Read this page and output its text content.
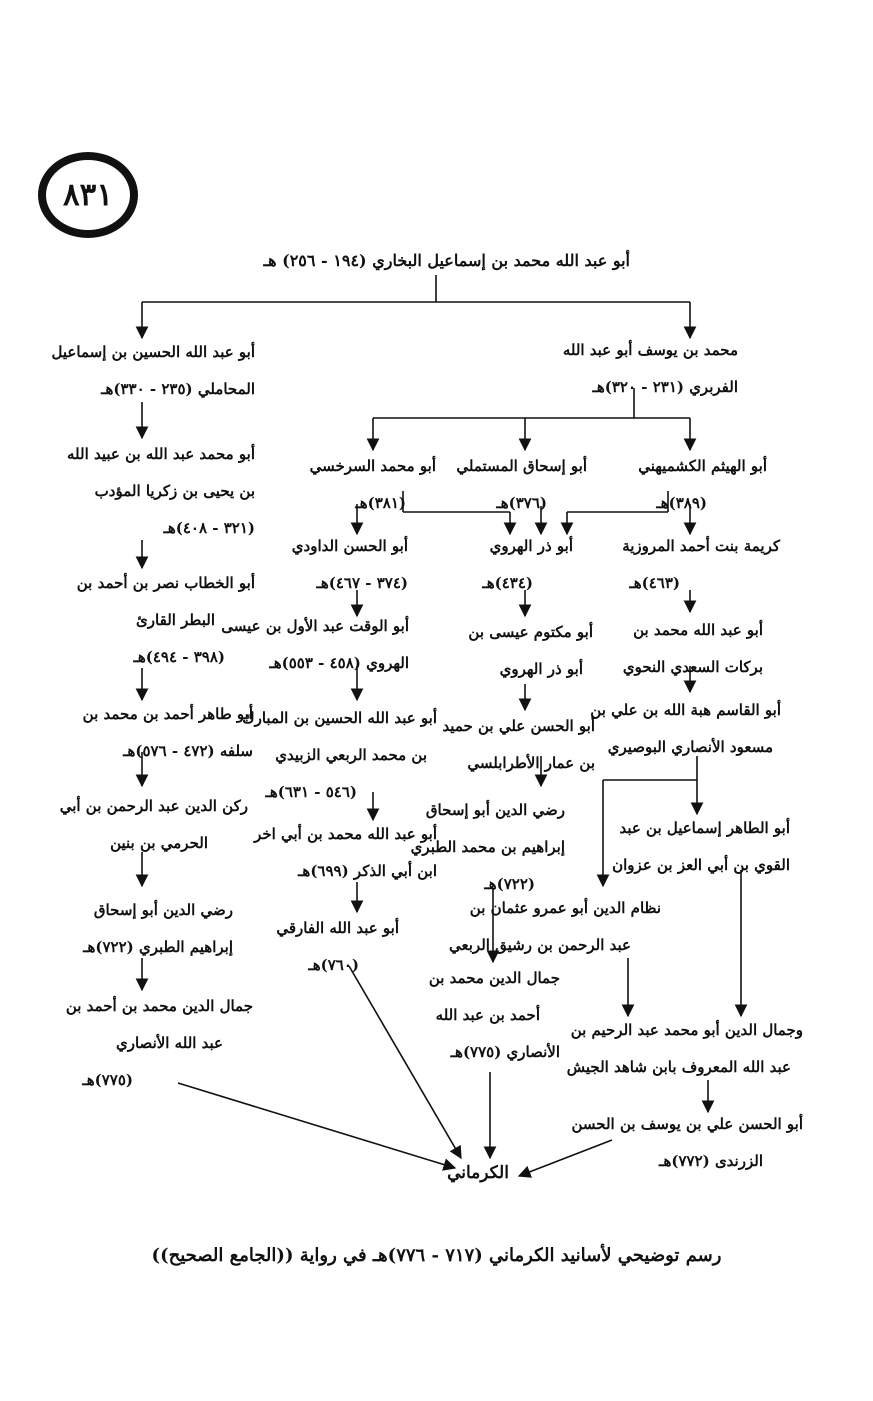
٨٣١
أبو عبد الله محمد بن إسماعيل البخاري (١٩٤ - ٢٥٦) هـ
محمد بن يوسف أبو عبد الله
الفربري (٢٣١ - ٣٢٠)هـ
أبو عبد الله الحسين بن إسماعيل
المحاملي (٢٣٥ - ٣٣٠)هـ
أبو الهيثم الكشميهني
(٣٨٩)هـ
أبو إسحاق المستملي
(٣٧٦)هـ
أبو محمد السرخسي
(٣٨١)هـ
كريمة بنت أحمد المروزية
(٤٦٣)هـ
أبو ذر الهروي
(٤٣٤)هـ
أبو الحسن الداودي
(٣٧٤ - ٤٦٧)هـ
أبو محمد عبد الله بن عبيد الله
بن يحيى بن زكريا المؤدب
(٣٢١ - ٤٠٨)هـ
أبو الخطاب نصر بن أحمد بن
البطر القارئ
(٣٩٨ - ٤٩٤)هـ
أبو طاهر أحمد بن محمد بن
سلفه (٤٧٢ - ٥٧٦)هـ
ركن الدين عبد الرحمن بن أبي
الحرمي بن بنين
رضي الدين أبو إسحاق
إبراهيم الطبري (٧٢٢)هـ
جمال الدين محمد بن أحمد بن
عبد الله الأنصاري
(٧٧٥)هـ
أبو الوقت عبد الأول بن عيسى
الهروي (٤٥٨ - ٥٥٣)هـ
أبو عبد الله الحسين بن المبارك
بن محمد الربعي الزبيدي
(٥٤٦ - ٦٣١)هـ
أبو عبد الله محمد بن أبي اخر
ابن أبي الذكر (٦٩٩)هـ
أبو عبد الله الفارقي
(٧٦٠)هـ
أبو مكتوم عيسى بن
أبو ذر الهروي
أبو الحسن علي بن حميد
بن عمار الأطرابلسي
رضي الدين أبو إسحاق
إبراهيم بن محمد الطبري
(٧٢٢)هـ
جمال الدين محمد بن
أحمد بن عبد الله
الأنصاري (٧٧٥)هـ
أبو عبد الله محمد بن
بركات السعدي النحوي
أبو القاسم هبة الله بن علي بن
مسعود الأنصاري البوصيري
أبو الطاهر إسماعيل بن عبد
القوي بن أبي العز بن عزوان
نظام الدين أبو عمرو عثمان بن
عبد الرحمن بن رشيق الربعي
وجمال الدين أبو محمد عبد الرحيم بن
عبد الله المعروف بابن شاهد الجيش
أبو الحسن علي بن يوسف بن الحسن
الزرندى (٧٧٢)هـ
الكرماني
رسم توضيحي لأسانيد الكرماني (٧١٧ - ٧٧٦)هـ في رواية ((الجامع الصحيح))
